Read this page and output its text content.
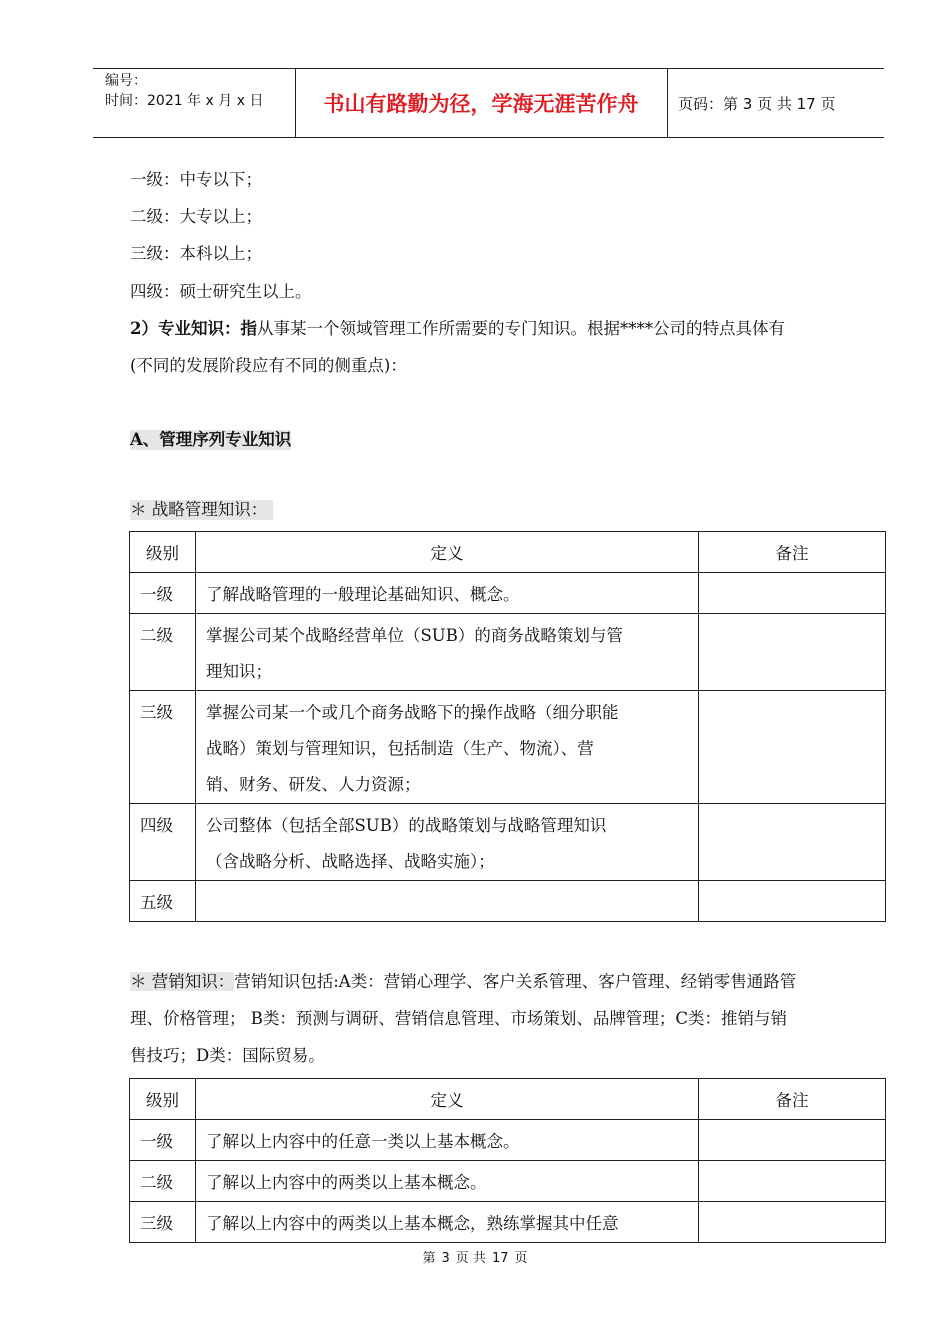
编号：
时间：2021 年 x 月 x 日	书山有路勤为径，学海无涯苦作舟	页码：第 3 页 共 17 页
一级：中专以下；
二级：大专以上；
三级：本科以上；
四级：硕士研究生以上。
2）专业知识：指从事某一个领域管理工作所需要的专门知识。根据****公司的特点具体有
(不同的发展阶段应有不同的侧重点)：
A、管理序列专业知识
＊ 战略管理知识：
级别	定义	备注
一级	了解战略管理的一般理论基础知识、概念。	

二级	掌握公司某个战略经营单位（SUB）的商务战略策划与管
理知识；	

三级	掌握公司某一个或几个商务战略下的操作战略（细分职能
战略）策划与管理知识，包括制造（生产、物流）、营
销、财务、研发、人力资源；	

四级	公司整体（包括全部SUB）的战略策划与战略管理知识
（含战略分析、战略选择、战略实施）；	

五级	

＊ 营销知识：营销知识包括:A类：营销心理学、客户关系管理、客户管理、经销零售通路管
理、价格管理； B类：预测与调研、营销信息管理、市场策划、品牌管理；C类：推销与销
售技巧；D类：国际贸易。
级别	定义	备注
一级	了解以上内容中的任意一类以上基本概念。	

二级	了解以上内容中的两类以上基本概念。	

三级	了解以上内容中的两类以上基本概念，熟练掌握其中任意	

第 3 页 共 17 页
